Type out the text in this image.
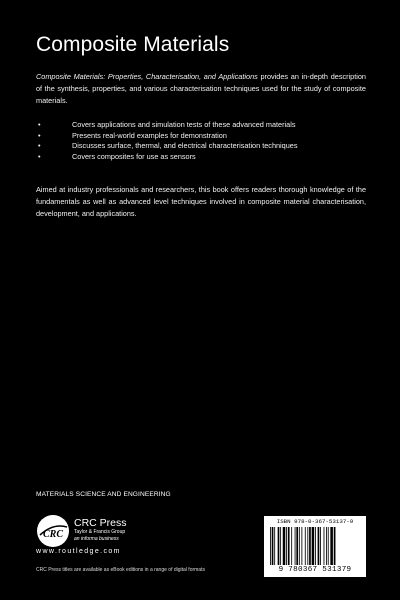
Composite Materials
Composite Materials: Properties, Characterisation, and Applications provides an in-depth description of the synthesis, properties, and various characterisation techniques used for the study of composite materials.
•	Covers applications and simulation tests of these advanced materials
•	Presents real-world examples for demonstration
•	Discusses surface, thermal, and electrical characterisation techniques
•	Covers composites for use as sensors
Aimed at industry professionals and researchers, this book offers readers thorough knowledge of the fundamentals as well as advanced level techniques involved in composite material characterisation, development, and applications.
MATERIALS SCIENCE AND ENGINEERING
CRC
CRC Press
Taylor & Francis Group
an informa business
www.routledge.com
CRC Press titles are available as eBook editions in a range of digital formats
ISBN 978-0-367-53137-9
9 780367 531379
